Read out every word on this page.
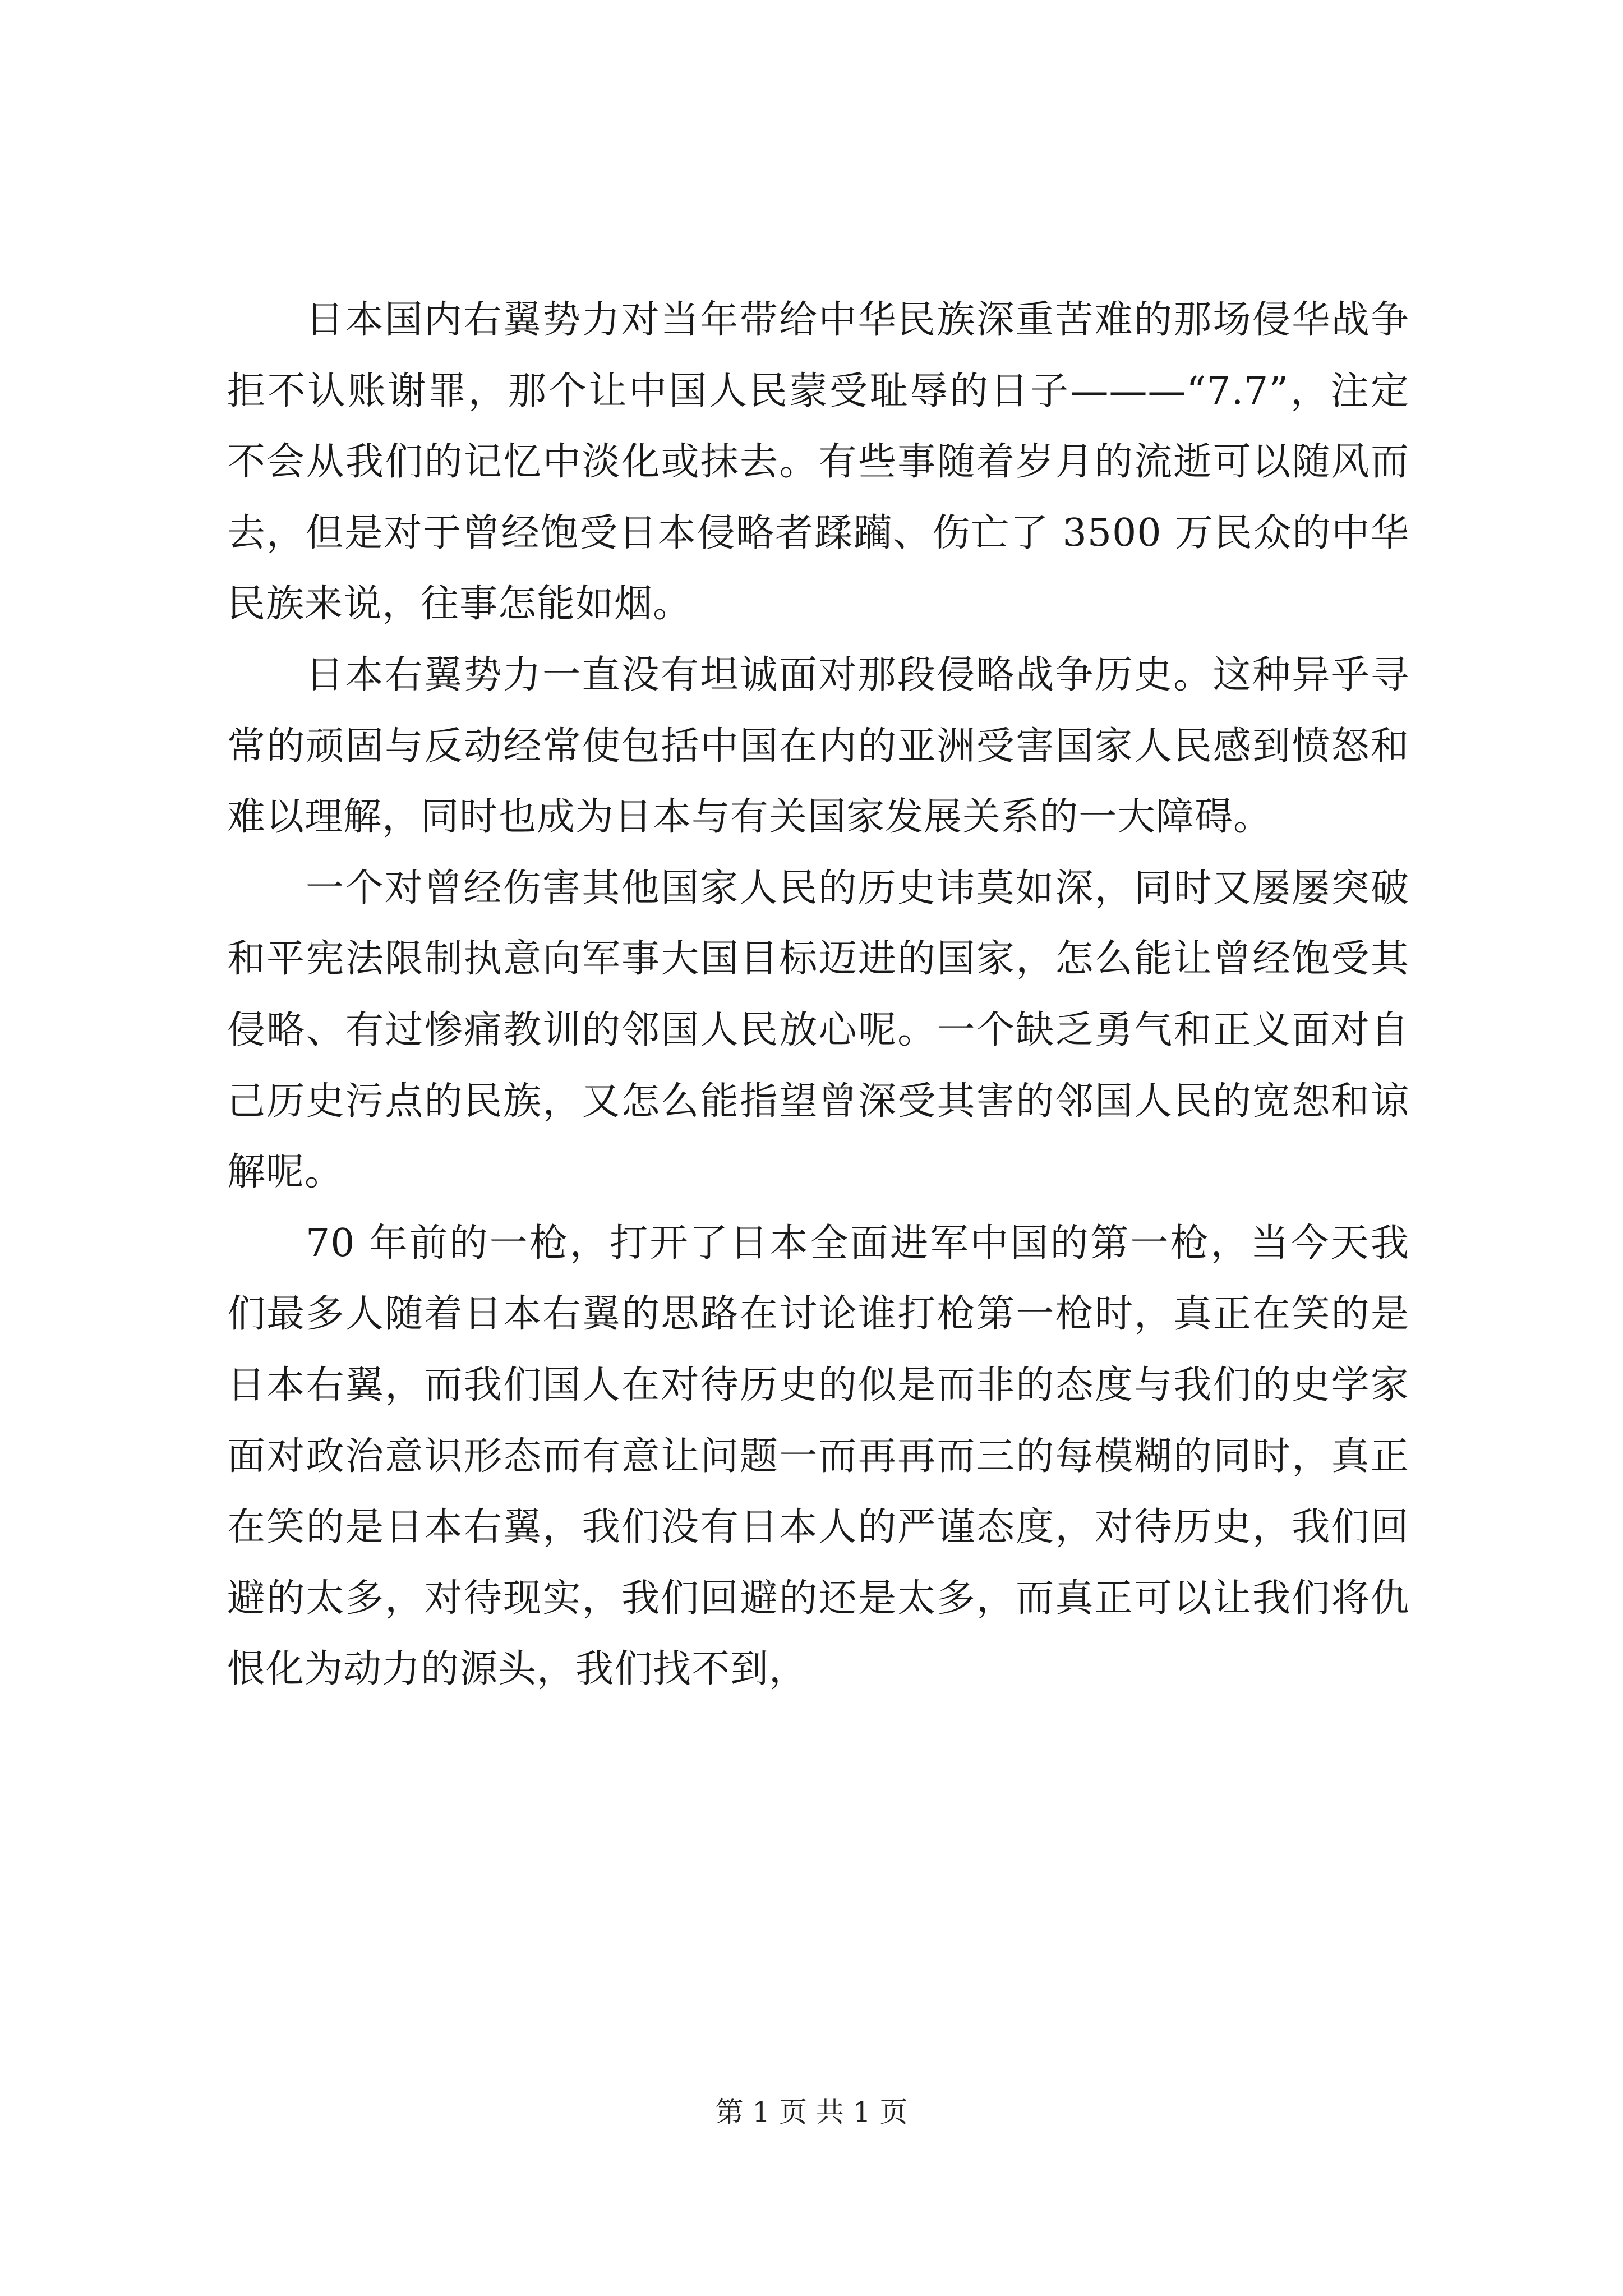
日本国内右翼势力对当年带给中华民族深重苦难的那场侵华战争拒不认账谢罪，那个让中国人民蒙受耻辱的日子———“7.7”，注定不会从我们的记忆中淡化或抹去。有些事随着岁月的流逝可以随风而去，但是对于曾经饱受日本侵略者蹂躏、伤亡了 3500 万民众的中华民族来说，往事怎能如烟。

日本右翼势力一直没有坦诚面对那段侵略战争历史。这种异乎寻常的顽固与反动经常使包括中国在内的亚洲受害国家人民感到愤怒和难以理解，同时也成为日本与有关国家发展关系的一大障碍。

一个对曾经伤害其他国家人民的历史讳莫如深，同时又屡屡突破和平宪法限制执意向军事大国目标迈进的国家，怎么能让曾经饱受其侵略、有过惨痛教训的邻国人民放心呢。一个缺乏勇气和正义面对自己历史污点的民族，又怎么能指望曾深受其害的邻国人民的宽恕和谅解呢。

70 年前的一枪，打开了日本全面进军中国的第一枪，当今天我们最多人随着日本右翼的思路在讨论谁打枪第一枪时，真正在笑的是日本右翼，而我们国人在对待历史的似是而非的态度与我们的史学家面对政治意识形态而有意让问题一而再再而三的每模糊的同时，真正在笑的是日本右翼，我们没有日本人的严谨态度，对待历史，我们回避的太多，对待现实，我们回避的还是太多，而真正可以让我们将仇恨化为动力的源头，我们找不到，

第 1 页 共 1 页
